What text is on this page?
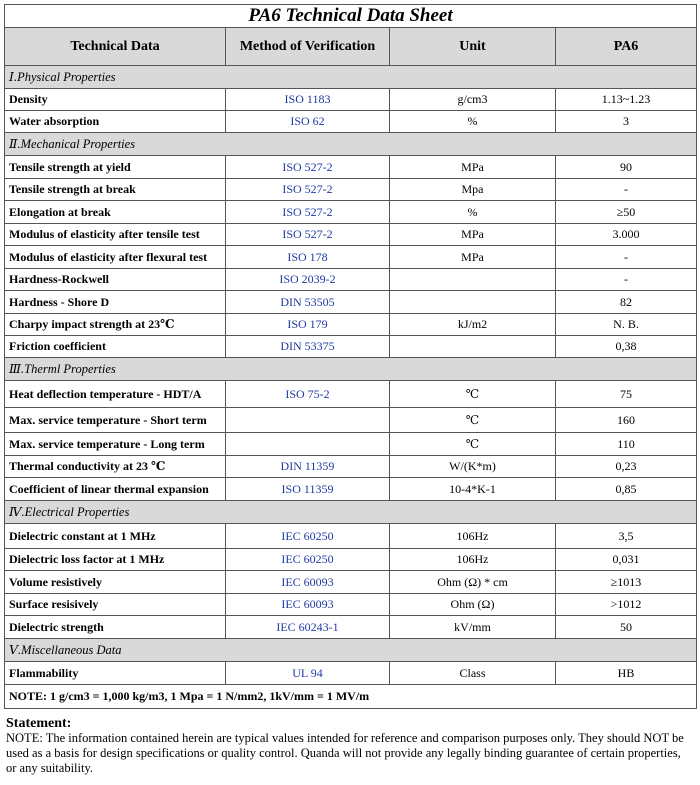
PA6 Technical Data Sheet			
Technical Data	Method of Verification	Unit	PA6
Ⅰ.Physical Properties			
Density	ISO 1183	g/cm3	1.13~1.23
Water absorption	ISO 62	%	3
Ⅱ.Mechanical Properties			
Tensile strength at yield	ISO 527-2	MPa	90
Tensile strength at break	ISO 527-2	Mpa	-
Elongation at break	ISO 527-2	%	≥50
Modulus of elasticity after tensile test	ISO 527-2	MPa	3.000
Modulus of elasticity after flexural test	ISO 178	MPa	-
Hardness-Rockwell	ISO 2039-2		-
Hardness - Shore D	DIN 53505		82
Charpy impact strength at 23℃	ISO 179	kJ/m2	N. B.
Friction coefficient	DIN 53375		0,38
Ⅲ.Therml Properties			
Heat deflection temperature - HDT/A	ISO 75-2	℃	75
Max. service temperature - Short term		℃	160
Max. service temperature - Long term		℃	110
Thermal conductivity at 23 ℃	DIN 11359	W/(K*m)	0,23
Coefficient of linear thermal expansion	ISO 11359	10-4*K-1	0,85
Ⅳ.Electrical Properties			
Dielectric constant at 1 MHz	IEC 60250	106Hz	3,5
Dielectric loss factor at 1 MHz	IEC 60250	106Hz	0,031
Volume resistively	IEC 60093	Ohm (Ω) * cm	≥1013
Surface resisively	IEC 60093	Ohm (Ω)	>1012
Dielectric strength	IEC 60243-1	kV/mm	50
Ⅴ.Miscellaneous Data			
Flammability	UL 94	Class	HB
NOTE: 1 g/cm3 = 1,000 kg/m3, 1 Mpa = 1 N/mm2, 1kV/mm = 1 MV/m			
Statement:
NOTE: The information contained herein are typical values intended for reference and comparison purposes only. They should NOT be used as a basis for design specifications or quality control. Quanda will not provide any legally binding guarantee of certain properties, or any suitability.
